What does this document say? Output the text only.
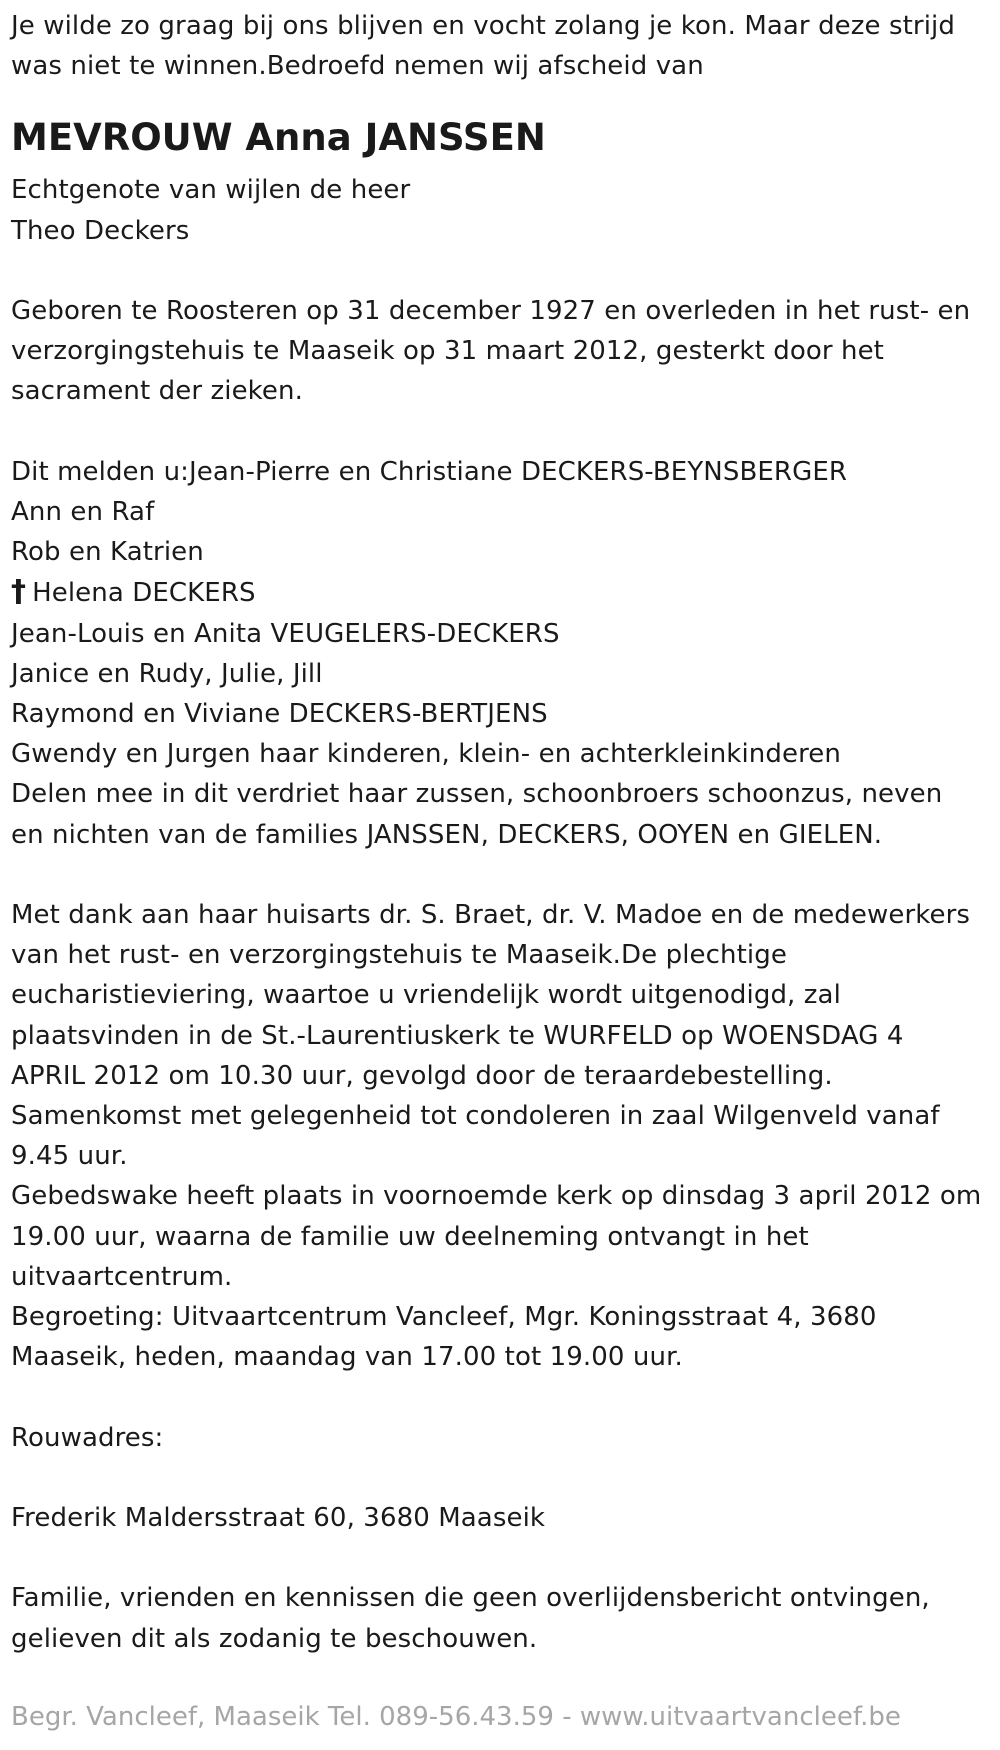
Je wilde zo graag bij ons blijven en vocht zolang je kon. Maar deze strijd
was niet te winnen.Bedroefd nemen wij afscheid van
MEVROUW Anna JANSSEN
Echtgenote van wijlen de heer
Theo Deckers
Geboren te Roosteren op 31 december 1927 en overleden in het rust- en
verzorgingstehuis te Maaseik op 31 maart 2012, gesterkt door het
sacrament der zieken.
Dit melden u:Jean-Pierre en Christiane DECKERS-BEYNSBERGER
Ann en Raf
Rob en Katrien
† Helena DECKERS
Jean-Louis en Anita VEUGELERS-DECKERS
Janice en Rudy, Julie, Jill
Raymond en Viviane DECKERS-BERTJENS
Gwendy en Jurgen haar kinderen, klein- en achterkleinkinderen
Delen mee in dit verdriet haar zussen, schoonbroers schoonzus, neven
en nichten van de families JANSSEN, DECKERS, OOYEN en GIELEN.
Met dank aan haar huisarts dr. S. Braet, dr. V. Madoe en de medewerkers
van het rust- en verzorgingstehuis te Maaseik.De plechtige
eucharistieviering, waartoe u vriendelijk wordt uitgenodigd, zal
plaatsvinden in de St.-Laurentiuskerk te WURFELD op WOENSDAG 4
APRIL 2012 om 10.30 uur, gevolgd door de teraardebestelling.
Samenkomst met gelegenheid tot condoleren in zaal Wilgenveld vanaf
9.45 uur.
Gebedswake heeft plaats in voornoemde kerk op dinsdag 3 april 2012 om
19.00 uur, waarna de familie uw deelneming ontvangt in het
uitvaartcentrum.
Begroeting: Uitvaartcentrum Vancleef, Mgr. Koningsstraat 4, 3680
Maaseik, heden, maandag van 17.00 tot 19.00 uur.
Rouwadres:
Frederik Maldersstraat 60, 3680 Maaseik
Familie, vrienden en kennissen die geen overlijdensbericht ontvingen,
gelieven dit als zodanig te beschouwen.
Begr. Vancleef, Maaseik Tel. 089-56.43.59 - www.uitvaartvancleef.be
